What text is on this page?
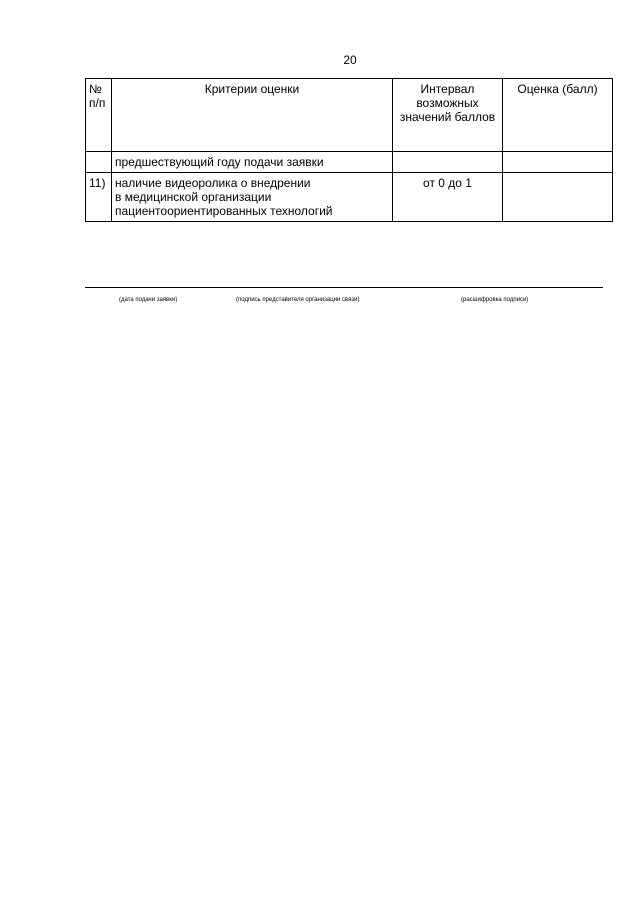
20
№
п/п	Критерии оценки	Интервал возможных значений баллов	Оценка (балл)
	предшествующий году подачи заявки		
11)	наличие видеоролика о внедрении
в медицинской организации
пациентоориентированных технологий	от 0 до 1	
(дата подачи заявки)	(подпись представителя организации связи)	(расшифровка подписи)
